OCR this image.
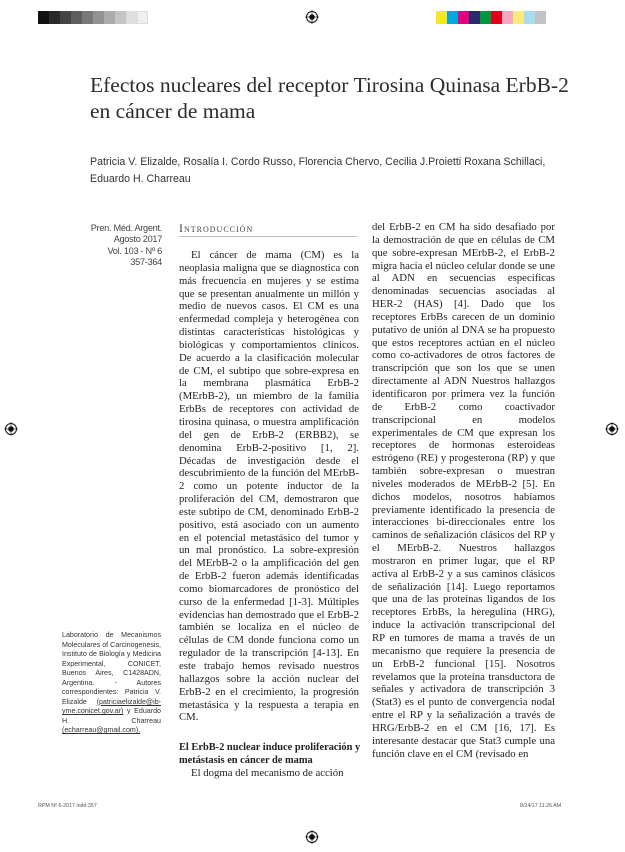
Efectos nucleares del receptor Tirosina Quinasa ErbB-2 en cáncer de mama
Patricia V. Elizalde, Rosalía I. Cordo Russo, Florencia Chervo, Cecilia J.Proietti Roxana Schillaci, Eduardo H. Charreau
Pren. Méd. Argent.
Agosto 2017
Vol. 103 - Nº 6
357-364
Laboratorio de Mecanismos Moleculares of Carcinogenesis, Instituto de Biología y Medicina Experimental, CONICET, Buenos Aires, C1428ADN, Argentina. - Autores correspondientes: Patricia V. Elizalde (patriciaelizalde@ib-yme.conicet.gov.ar) y Eduardo H. Charreau (echarreau@gmail.com).
Introducción

El cáncer de mama (CM) es la neoplasia maligna que se diagnostica con más frecuencia en mujeres y se estima que se presentan anualmente un millón y medio de nuevos casos. El CM es una enfermedad compleja y heterogénea con distintas características histológicas y biológicas y comportamientos clínicos. De acuerdo a la clasificación molecular de CM, el subtipo que sobre-expresa en la membrana plasmática ErbB-2 (MErbB-2), un miembro de la familia ErbBs de receptores con actividad de tirosina quinasa, o muestra amplificación del gen de ErbB-2 (ERBB2), se denomina ErbB-2-positivo [1, 2]. Décadas de investigación desde el descubrimiento de la función del MErbB-2 como un potente inductor de la proliferación del CM, demostraron que este subtipo de CM, denominado ErbB-2 positivo, está asociado con un aumento en el potencial metastásico del tumor y un mal pronóstico. La sobre-expresión del MErbB-2 o la amplificación del gen de ErbB-2 fueron además identificadas como biomarcadores de pronóstico del curso de la enfermedad [1-3]. Múltiples evidencias han demostrado que el ErbB-2 también se localiza en el núcleo de células de CM donde funciona como un regulador de la transcripción [4-13]. En este trabajo hemos revisado nuestros hallazgos sobre la acción nuclear del ErbB-2 en el crecimiento, la progresión metastásica y la respuesta a terapia en CM.

El ErbB-2 nuclear induce proliferación y metástasis en cáncer de mama

El dogma del mecanismo de acción

del ErbB-2 en CM ha sido desafiado por la demostración de que en células de CM que sobre-expresan MErbB-2, el ErbB-2 migra hacia el núcleo celular donde se une al ADN en secuencias específicas denominadas secuencias asociadas al HER-2 (HAS) [4]. Dado que los receptores ErbBs carecen de un dominio putativo de unión al DNA se ha propuesto que estos receptores actúan en el núcleo como co-activadores de otros factores de transcripción que son los que se unen directamente al ADN Nuestros hallazgos identificaron por primera vez la función de ErbB-2 como coactivador transcripcional en modelos experimentales de CM que expresan los receptores de hormonas esteroideas estrógeno (RE) y progesterona (RP) y que también sobre-expresan o muestran niveles moderados de MErbB-2 [5]. En dichos modelos, nosotros habíamos previamente identificado la presencia de interacciones bi-direccionales entre los caminos de señalización clásicos del RP y el MErbB-2. Nuestros hallazgos mostraron en primer lugar, que el RP activa al ErbB-2 y a sus caminos clásicos de señalización [14]. Luego reportamos que una de las proteínas ligandos de los receptores ErbBs, la heregulina (HRG), induce la activación transcripcional del RP en tumores de mama a través de un mecanismo que requiere la presencia de un ErbB-2 funcional [15]. Nosotros revelamos que la proteína transductora de señales y activadora de transcripción 3 (Stat3) es el punto de convergencia nodal entre el RP y la señalización a través de HRG/ErbB-2 en el CM [16, 17]. Es interesante destacar que Stat3 cumple una función clave en el CM (revisado en

RPM Nº 6-2017.indd 357	8/24/17 11:26 AM
